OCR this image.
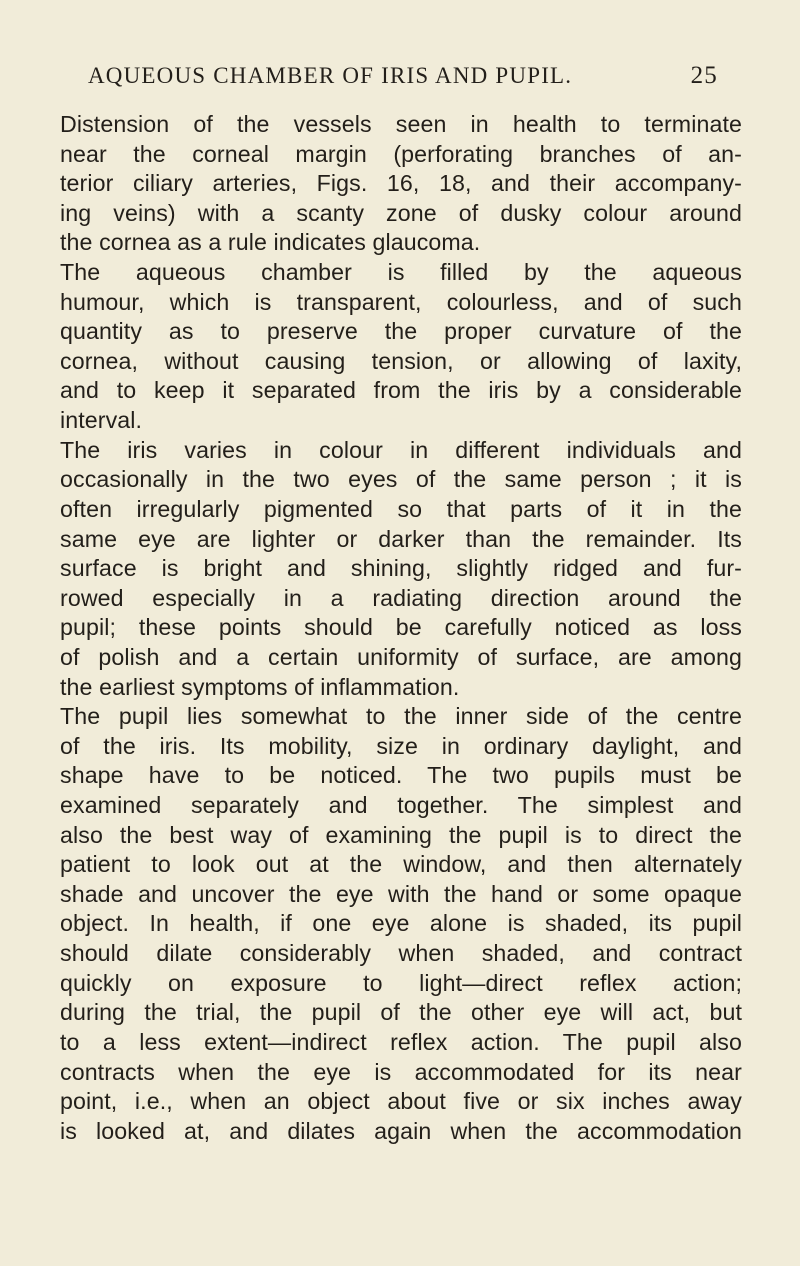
AQUEOUS CHAMBER OF IRIS AND PUPIL.	25
Distension of the vessels seen in health to terminate
near the corneal margin (perforating branches of an-
terior ciliary arteries, Figs. 16, 18, and their accompany-
ing veins) with a scanty zone of dusky colour around
the cornea as a rule indicates glaucoma.
The aqueous chamber is filled by the aqueous
humour, which is transparent, colourless, and of such
quantity as to preserve the proper curvature of the
cornea, without causing tension, or allowing of laxity,
and to keep it separated from the iris by a considerable
interval.
The iris varies in colour in different individuals and
occasionally in the two eyes of the same person ; it is
often irregularly pigmented so that parts of it in the
same eye are lighter or darker than the remainder. Its
surface is bright and shining, slightly ridged and fur-
rowed especially in a radiating direction around the
pupil; these points should be carefully noticed as loss
of polish and a certain uniformity of surface, are among
the earliest symptoms of inflammation.
The pupil lies somewhat to the inner side of the centre
of the iris. Its mobility, size in ordinary daylight, and
shape have to be noticed. The two pupils must be
examined separately and together. The simplest and
also the best way of examining the pupil is to direct the
patient to look out at the window, and then alternately
shade and uncover the eye with the hand or some opaque
object. In health, if one eye alone is shaded, its pupil
should dilate considerably when shaded, and contract
quickly on exposure to light—direct reflex action;
during the trial, the pupil of the other eye will act, but
to a less extent—indirect reflex action. The pupil also
contracts when the eye is accommodated for its near
point, i.e., when an object about five or six inches away
is looked at, and dilates again when the accommodation
